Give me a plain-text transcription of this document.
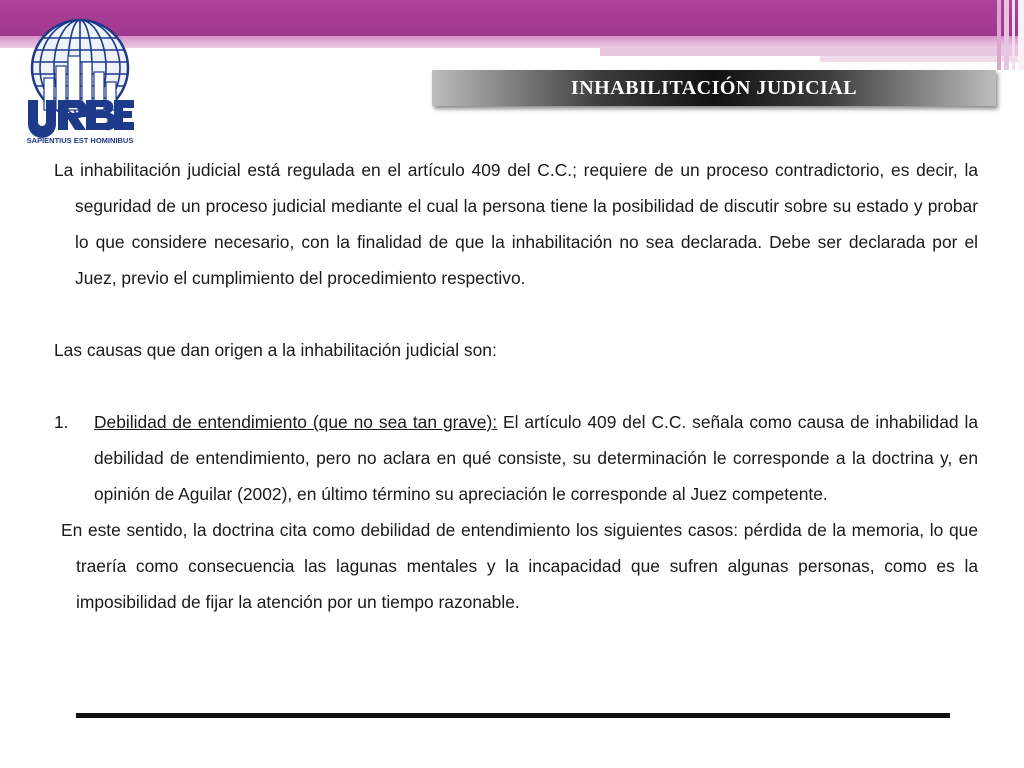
SAPIENTIUS EST HOMINIBUS
INHABILITACIÓN JUDICIAL

La inhabilitación judicial está regulada en el artículo 409 del C.C.; requiere de un proceso contradictorio, es decir, la seguridad de un proceso judicial mediante el cual la persona tiene la posibilidad de discutir sobre su estado y probar lo que considere necesario, con la finalidad de que la inhabilitación no sea declarada. Debe ser declarada por el Juez, previo el cumplimiento del procedimiento respectivo.

Las causas que dan origen a la inhabilitación judicial son:

1.	Debilidad de entendimiento (que no sea tan grave): El artículo 409 del C.C. señala como causa de inhabilidad la debilidad de entendimiento, pero no aclara en qué consiste, su determinación le corresponde a la doctrina y, en opinión de Aguilar (2002), en último término su apreciación le corresponde al Juez competente.

En este sentido, la doctrina cita como debilidad de entendimiento los siguientes casos: pérdida de la memoria, lo que traería como consecuencia las lagunas mentales y la incapacidad que sufren algunas personas, como es la imposibilidad de fijar la atención por un tiempo razonable.
